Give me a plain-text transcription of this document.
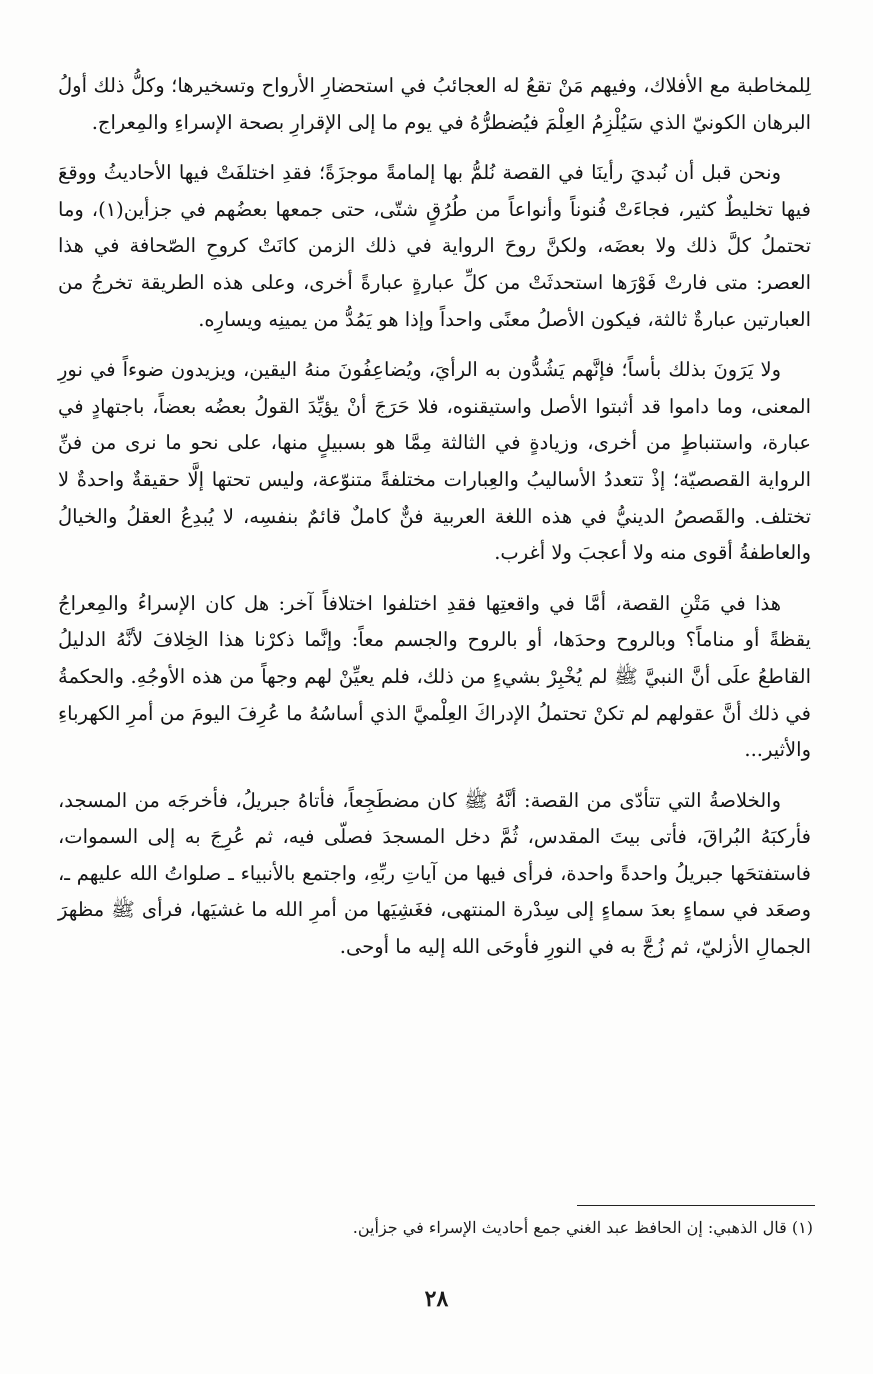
لِلمخاطبة مع الأفلاك، وفيهم مَنْ تقعُ له العجائبُ في استحضارِ الأرواح وتسخيرها؛ وكلُّ ذلك أولُ البرهان الكونيّ الذي سَيُلْزِمُ العِلْمَ فيُضطرُّهُ في يوم ما إلى الإقرارِ بصحة الإسراءِ والمِعراج.

ونحن قبل أن نُبديَ رأينَا في القصة نُلمُّ بها إلمامةً موجزَةً؛ فقدِ اختلفَتْ فيها الأحاديثُ ووقعَ فيها تخليطٌ كثير، فجاءَتْ فُنوناً وأنواعاً من طُرُقٍ شتّى، حتى جمعها بعضُهم في جزأين(١)، وما تحتملُ كلَّ ذلك ولا بعضَه، ولكنَّ روحَ الرواية في ذلك الزمن كانَتْ كروحِ الصّحافة في هذا العصر: متى فارتْ فَوْرَها استحدثَتْ من كلِّ عبارةٍ عبارةً أخرى، وعلى هذه الطريقة تخرجُ من العبارتين عبارةٌ ثالثة، فيكون الأصلُ معنًى واحداً وإذا هو يَمُدُّ من يمينِه ويسارِه.

ولا يَرَونَ بذلك بأساً؛ فإنَّهم يَشُدُّون به الرأيَ، ويُضاعِفُونَ منهُ اليقين، ويزيدون ضوءاً في نورِ المعنى، وما داموا قد أثبتوا الأصل واستيقنوه، فلا حَرَجَ أنْ يؤيِّدَ القولُ بعضُه بعضاً، باجتهادٍ في عبارة، واستنباطٍ من أخرى، وزيادةٍ في الثالثة مِمَّا هو بسبيلٍ منها، على نحو ما نرى من فنِّ الرواية القصصيّة؛ إذْ تتعددُ الأساليبُ والعِبارات مختلفةً متنوّعة، وليس تحتها إلَّا حقيقةٌ واحدةٌ لا تختلف. والقَصصُ الدينيُّ في هذه اللغة العربية فنٌّ كاملٌ قائمٌ بنفسِه، لا يُبدِعُ العقلُ والخيالُ والعاطفةُ أقوى منه ولا أعجبَ ولا أغرب.

هذا في مَتْنِ القصة، أمَّا في واقعتِها فقدِ اختلفوا اختلافاً آخر: هل كان الإسراءُ والمِعراجُ يقظةً أو مناماً؟ وبالروح وحدَها، أو بالروح والجسم معاً: وإنَّما ذكرْنا هذا الخِلافَ لأنَّهُ الدليلُ القاطعُ علَى أنَّ النبيَّ ﷺ لم يُخْبِرْ بشيءٍ من ذلك، فلم يعيِّنْ لهم وجهاً من هذه الأوجُهِ. والحكمةُ في ذلك أنَّ عقولهم لم تكنْ تحتملُ الإدراكَ العِلْميَّ الذي أساسُهُ ما عُرِفَ اليومَ من أمرِ الكهرباءِ والأثير...

والخلاصةُ التي تتأدّى من القصة: أنَّهُ ﷺ كان مضطَجِعاً، فأتاهُ جبريلُ، فأخرجَه من المسجد، فأركبَهُ البُراقَ، فأتى بيتَ المقدس، ثُمَّ دخل المسجدَ فصلّى فيه، ثم عُرِجَ به إلى السموات، فاستفتحَها جبريلُ واحدةً واحدة، فرأى فيها من آياتِ ربِّهِ، واجتمع بالأنبياء ـ صلواتُ الله عليهم ـ، وصعَد في سماءٍ بعدَ سماءٍ إلى سِدْرة المنتهى، فغَشِيَها من أمرِ الله ما غشيَها، فرأى ﷺ مظهرَ الجمالِ الأزليّ، ثم زُجَّ به في النورِ فأوحَى الله إليه ما أوحى.

(١) قال الذهبي: إن الحافظ عبد الغني جمع أحاديث الإسراء في جزأين.
٢٨
